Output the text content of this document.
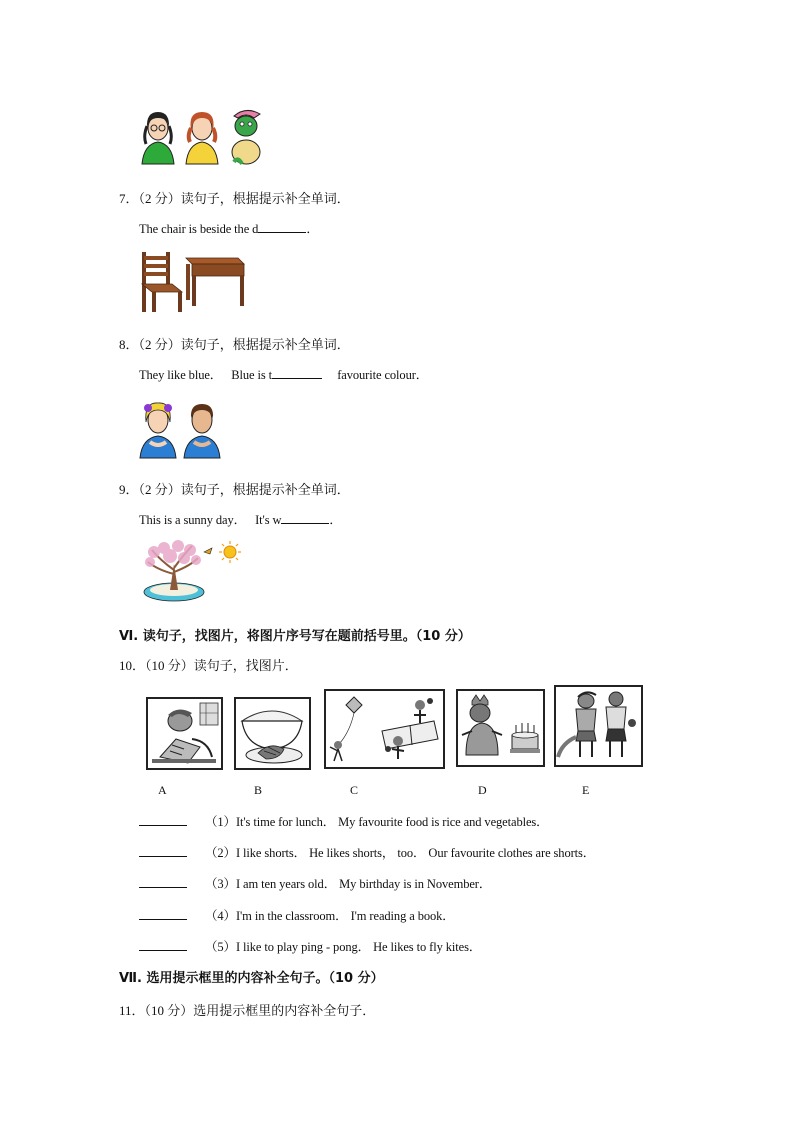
7．（2 分）读句子，根据提示补全单词．
The chair is beside the d	．
8．（2 分）读句子，根据提示补全单词．
They like blue． Blue is t	favourite colour．
9．（2 分）读句子，根据提示补全单词．
This is a sunny day． It's w	．
Ⅵ. 读句子，找图片，将图片序号写在题前括号里。（10 分）
10．（10 分）读句子，找图片．
A	B	C	D	E
（1）It's time for lunch． My favourite food is rice and vegetables．
（2）I like shorts． He likes shorts， too． Our favourite clothes are shorts．
（3）I am ten years old． My birthday is in November．
（4）I'm in the classroom． I'm reading a book．
（5）I like to play ping - pong． He likes to fly kites．
Ⅶ. 选用提示框里的内容补全句子。（10 分）
11．（10 分）选用提示框里的内容补全句子．
